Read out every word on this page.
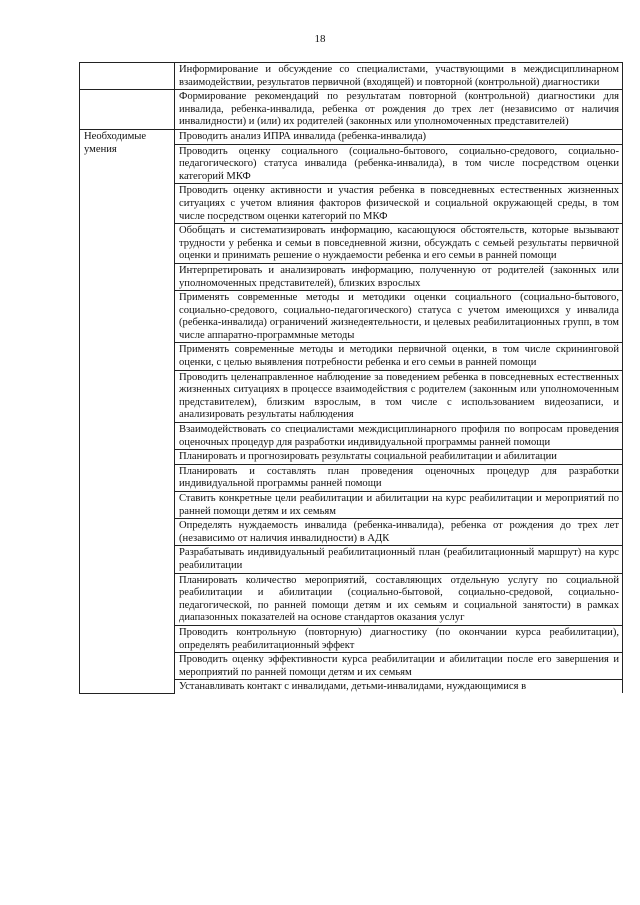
18
	Информирование и обсуждение со специалистами, участвующими в междисциплинарном взаимодействии, результатов первичной (входящей) и повторной (контрольной) диагностики
	Формирование рекомендаций по результатам повторной (контрольной) диагностики для инвалида, ребенка-инвалида, ребенка от рождения до трех лет (независимо от наличия инвалидности) и (или) их родителей (законных или уполномоченных представителей)
Необходимые умения	Проводить анализ ИПРА инвалида (ребенка-инвалида)
	Проводить оценку социального (социально-бытового, социально-средового, социально-педагогического) статуса инвалида (ребенка-инвалида), в том числе посредством оценки категорий МКФ
	Проводить оценку активности и участия ребенка в повседневных естественных жизненных ситуациях с учетом влияния факторов физической и социальной окружающей среды, в том числе посредством оценки категорий по МКФ
	Обобщать и систематизировать информацию, касающуюся обстоятельств, которые вызывают трудности у ребенка и семьи в повседневной жизни, обсуждать с семьей результаты первичной оценки и принимать решение о нуждаемости ребенка и его семьи в ранней помощи
	Интерпретировать и анализировать информацию, полученную от родителей (законных или уполномоченных представителей), близких взрослых
	Применять современные методы и методики оценки социального (социально-бытового, социально-средового, социально-педагогического) статуса с учетом имеющихся у инвалида (ребенка-инвалида) ограничений жизнедеятельности, и целевых реабилитационных групп, в том числе аппаратно-программные методы
	Применять современные методы и методики первичной оценки, в том числе скрининговой оценки, с целью выявления потребности ребенка и его семьи в ранней помощи
	Проводить целенаправленное наблюдение за поведением ребенка в повседневных естественных жизненных ситуациях в процессе взаимодействия с родителем (законным или уполномоченным представителем), близким взрослым, в том числе с использованием видеозаписи, и анализировать результаты наблюдения
	Взаимодействовать со специалистами междисциплинарного профиля по вопросам проведения оценочных процедур для разработки индивидуальной программы ранней помощи
	Планировать и прогнозировать результаты социальной реабилитации и абилитации
	Планировать и составлять план проведения оценочных процедур для разработки индивидуальной программы ранней помощи
	Ставить конкретные цели реабилитации и абилитации на курс реабилитации и мероприятий по ранней помощи детям и их семьям
	Определять нуждаемость инвалида (ребенка-инвалида), ребенка от рождения до трех лет (независимо от наличия инвалидности) в АДК
	Разрабатывать индивидуальный реабилитационный план (реабилитационный маршрут) на курс реабилитации
	Планировать количество мероприятий, составляющих отдельную услугу по социальной реабилитации и абилитации (социально-бытовой, социально-средовой, социально-педагогической, по ранней помощи детям и их семьям и социальной занятости) в рамках диапазонных показателей на основе стандартов оказания услуг
	Проводить контрольную (повторную) диагностику (по окончании курса реабилитации), определять реабилитационный эффект
	Проводить оценку эффективности курса реабилитации и абилитации после его завершения и мероприятий по ранней помощи детям и их семьям

	Устанавливать контакт с инвалидами, детьми-инвалидами, нуждающимися в
